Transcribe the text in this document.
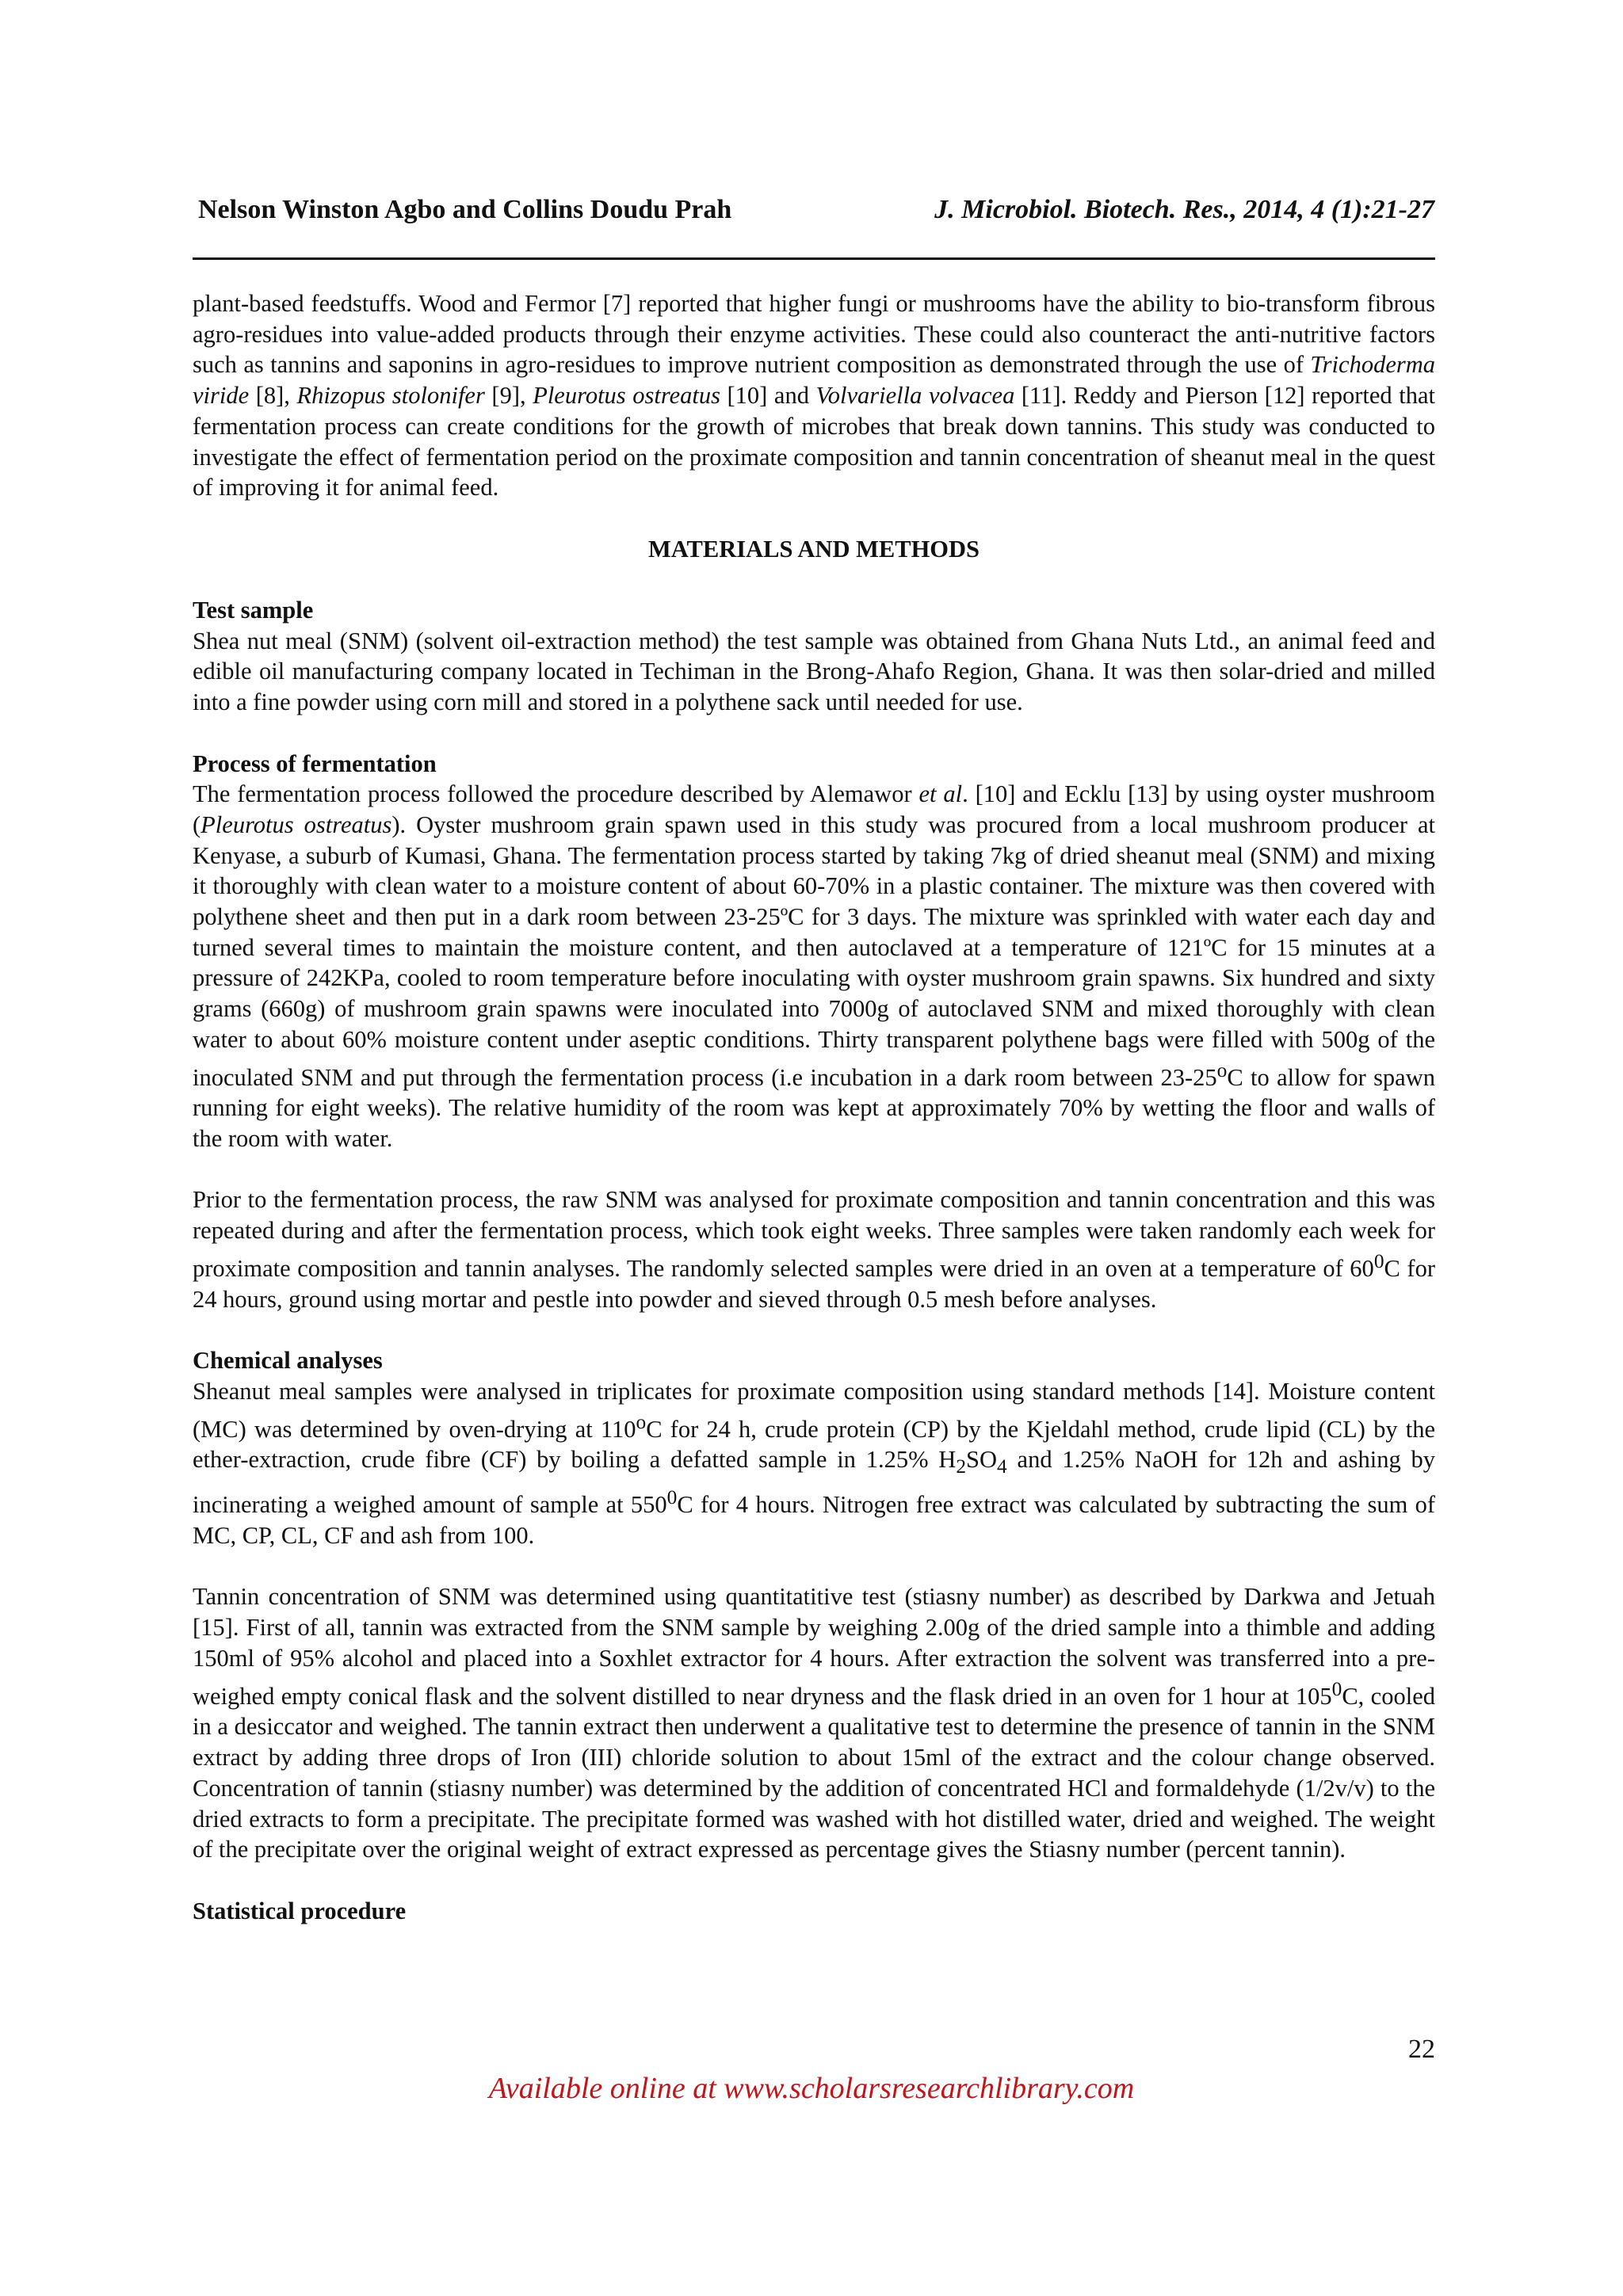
Nelson Winston Agbo and Collins Doudu Prah	J. Microbiol. Biotech. Res., 2014, 4 (1):21-27

plant-based feedstuffs. Wood and Fermor [7] reported that higher fungi or mushrooms have the ability to bio-transform fibrous agro-residues into value-added products through their enzyme activities. These could also counteract the anti-nutritive factors such as tannins and saponins in agro-residues to improve nutrient composition as demonstrated through the use of Trichoderma viride [8], Rhizopus stolonifer [9], Pleurotus ostreatus [10] and Volvariella volvacea [11]. Reddy and Pierson [12] reported that fermentation process can create conditions for the growth of microbes that break down tannins. This study was conducted to investigate the effect of fermentation period on the proximate composition and tannin concentration of sheanut meal in the quest of improving it for animal feed.

MATERIALS AND METHODS
Test sample

Shea nut meal (SNM) (solvent oil-extraction method) the test sample was obtained from Ghana Nuts Ltd., an animal feed and edible oil manufacturing company located in Techiman in the Brong-Ahafo Region, Ghana. It was then solar-dried and milled into a fine powder using corn mill and stored in a polythene sack until needed for use.

Process of fermentation

The fermentation process followed the procedure described by Alemawor et al. [10] and Ecklu [13] by using oyster mushroom (Pleurotus ostreatus). Oyster mushroom grain spawn used in this study was procured from a local mushroom producer at Kenyase, a suburb of Kumasi, Ghana. The fermentation process started by taking 7kg of dried sheanut meal (SNM) and mixing it thoroughly with clean water to a moisture content of about 60-70% in a plastic container. The mixture was then covered with polythene sheet and then put in a dark room between 23-25ºC for 3 days. The mixture was sprinkled with water each day and turned several times to maintain the moisture content, and then autoclaved at a temperature of 121ºC for 15 minutes at a pressure of 242KPa, cooled to room temperature before inoculating with oyster mushroom grain spawns. Six hundred and sixty grams (660g) of mushroom grain spawns were inoculated into 7000g of autoclaved SNM and mixed thoroughly with clean water to about 60% moisture content under aseptic conditions. Thirty transparent polythene bags were filled with 500g of the inoculated SNM and put through the fermentation process (i.e incubation in a dark room between 23-25$^o$C to allow for spawn running for eight weeks). The relative humidity of the room was kept at approximately 70% by wetting the floor and walls of the room with water.

Prior to the fermentation process, the raw SNM was analysed for proximate composition and tannin concentration and this was repeated during and after the fermentation process, which took eight weeks. Three samples were taken randomly each week for proximate composition and tannin analyses. The randomly selected samples were dried in an oven at a temperature of $60^0C$ for 24 hours, ground using mortar and pestle into powder and sieved through 0.5 mesh before analyses.

Chemical analyses

Sheanut meal samples were analysed in triplicates for proximate composition using standard methods [14]. Moisture content (MC) was determined by oven-drying at 110$^o$C for 24 h, crude protein (CP) by the Kjeldahl method, crude lipid (CL) by the ether-extraction, crude fibre (CF) by boiling a defatted sample in 1.25% $H_2SO_4$ and 1.25% NaOH for 12h and ashing by incinerating a weighed amount of sample at $550^0C$ for 4 hours. Nitrogen free extract was calculated by subtracting the sum of MC, CP, CL, CF and ash from 100.

Tannin concentration of SNM was determined using quantitatitive test (stiasny number) as described by Darkwa and Jetuah [15]. First of all, tannin was extracted from the SNM sample by weighing 2.00g of the dried sample into a thimble and adding 150ml of 95% alcohol and placed into a Soxhlet extractor for 4 hours. After extraction the solvent was transferred into a pre-weighed empty conical flask and the solvent distilled to near dryness and the flask dried in an oven for 1 hour at $105^0C$, cooled in a desiccator and weighed. The tannin extract then underwent a qualitative test to determine the presence of tannin in the SNM extract by adding three drops of Iron (III) chloride solution to about 15ml of the extract and the colour change observed. Concentration of tannin (stiasny number) was determined by the addition of concentrated HCl and formaldehyde (1/2v/v) to the dried extracts to form a precipitate. The precipitate formed was washed with hot distilled water, dried and weighed. The weight of the precipitate over the original weight of extract expressed as percentage gives the Stiasny number (percent tannin).

Statistical procedure
22
Available online at www.scholarsresearchlibrary.com
